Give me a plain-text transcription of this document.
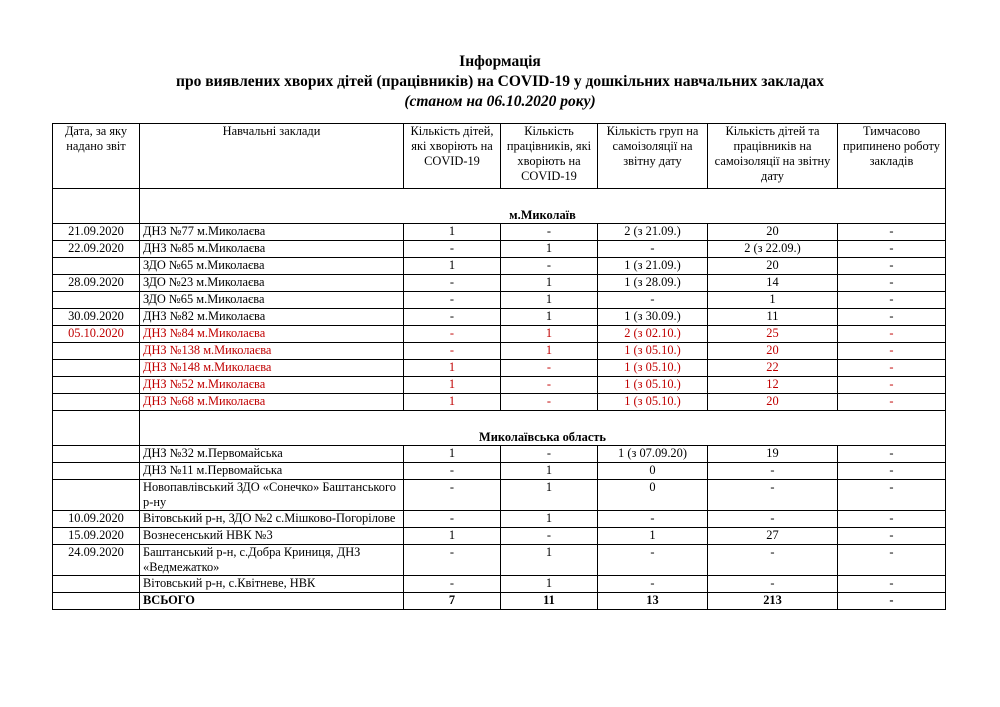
Інформація
про виявлених хворих дітей (працівників) на COVID-19 у дошкільних навчальних закладах
(станом на 06.10.2020 року)
Дата, за яку надано звіт	Навчальні заклади	Кількість дітей, які хворіють на COVID-19	Кількість працівників, які хворіють на COVID-19	Кількість груп на самоізоляції на звітну дату	Кількість дітей та працівників на самоізоляції на звітну дату	Тимчасово припинено роботу закладів
	м.Миколаїв					
21.09.2020	ДНЗ №77 м.Миколаєва	1	-	2 (з 21.09.)	20	-
22.09.2020	ДНЗ №85 м.Миколаєва	-	1	-	2 (з 22.09.)	-
	ЗДО №65 м.Миколаєва	1	-	1 (з 21.09.)	20	-
28.09.2020	ЗДО №23 м.Миколаєва	-	1	1 (з 28.09.)	14	-
	ЗДО №65 м.Миколаєва	-	1	-	1	-
30.09.2020	ДНЗ №82 м.Миколаєва	-	1	1 (з 30.09.)	11	-
05.10.2020	ДНЗ №84 м.Миколаєва	-	1	2 (з 02.10.)	25	-
	ДНЗ №138 м.Миколаєва	-	1	1 (з 05.10.)	20	-
	ДНЗ №148 м.Миколаєва	1	-	1 (з 05.10.)	22	-
	ДНЗ №52 м.Миколаєва	1	-	1 (з 05.10.)	12	-
	ДНЗ №68 м.Миколаєва	1	-	1 (з 05.10.)	20	-
	Миколаївська область					
	ДНЗ №32 м.Первомайська	1	-	1 (з 07.09.20)	19	-
	ДНЗ №11 м.Первомайська	-	1	0	-	-
	Новопавлівський ЗДО «Сонечко» Баштанського р-ну	-	1	0	-	-
10.09.2020	Вітовський р-н, ЗДО №2 с.Мішково-Погорілове	-	1	-	-	-
15.09.2020	Вознесенський НВК №3	1	-	1	27	-
24.09.2020	Баштанський р-н, с.Добра Криниця, ДНЗ «Ведмежатко»	-	1	-	-	-
	Вітовський р-н, с.Квітневе, НВК	-	1	-	-	-
	ВСЬОГО	7	11	13	213	-
